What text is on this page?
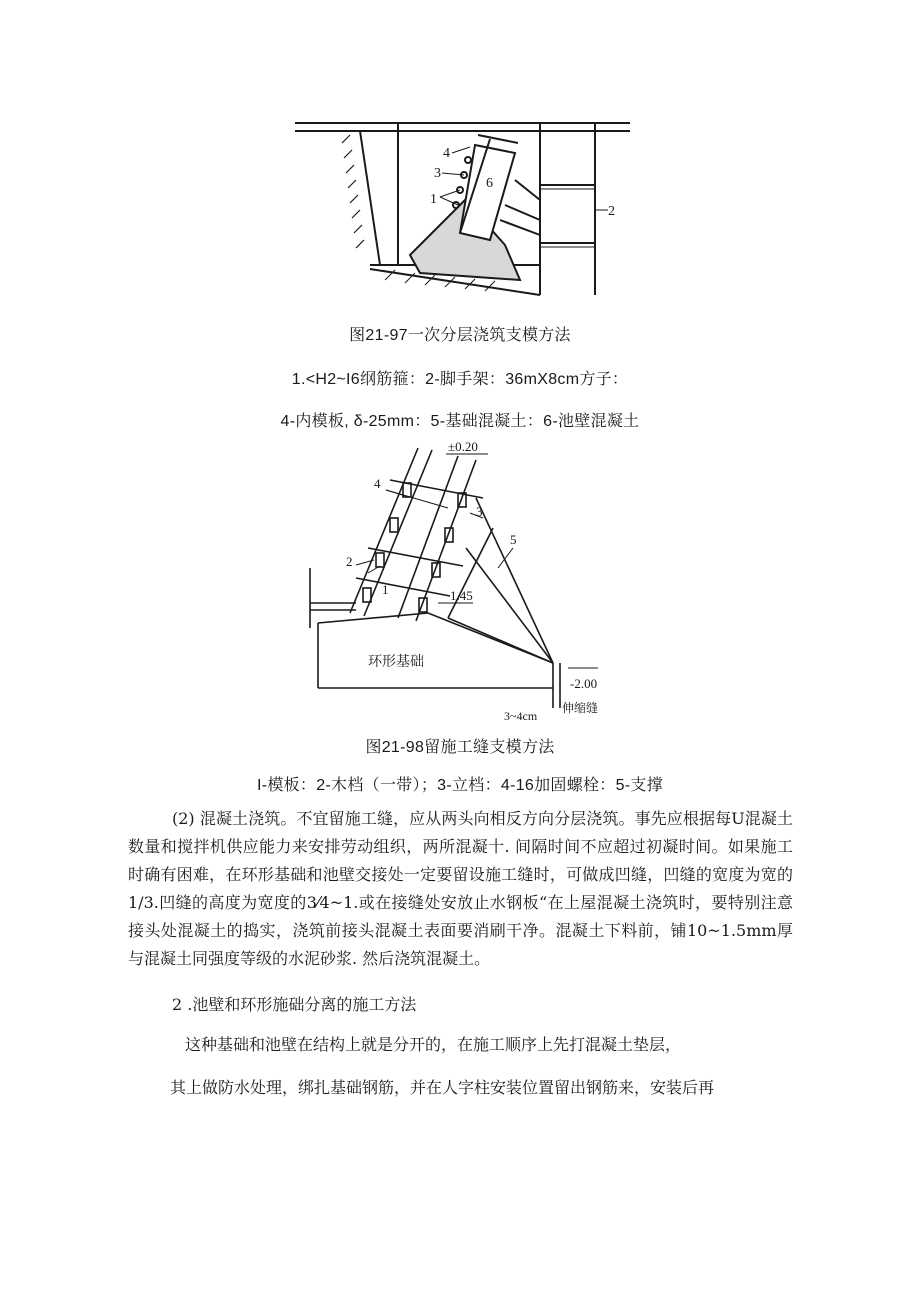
1
2
3
4
6
图21-97一次分层浇筑支模方法
1.<H2~I6纲筋箍：2-脚手架：36mX8cm方子：
4-内模板, δ-25mm：5-基础混凝土：6-池壁混凝土
±0.20
4
3
5
2
1	1.45
环形基础
-2.00
3~4cm
伸缩缝
图21-98留施工缝支模方法
I-模板：2-木档（一带）；3-立档：4-16加固螺栓：5-支撑

(2) 混凝土浇筑。不宜留施工缝，应从两头向相反方向分层浇筑。事先应根据每U混凝土数量和搅拌机供应能力来安排劳动组织，两所混凝十. 间隔时间不应超过初凝时间。如果施工时确有困难，在环形基础和池壁交接处一定要留设施工缝时，可做成凹缝，凹缝的宽度为宽的1/3.凹缝的高度为宽度的3⁄4~1.或在接缝处安放止水钢板“在上屋混凝土浇筑时，要特别注意接头处混凝土的捣实，浇筑前接头混凝土表面要消刷干净。混凝土下料前，铺10~1.5mm厚与混凝土同强度等级的水泥砂浆. 然后浇筑混凝土。

2 .池壁和环形施础分离的施工方法
这种基础和池壁在结构上就是分开的，在施工顺序上先打混凝土垫层，
其上做防水处理，绑扎基础钢筋，并在人字柱安装位置留出钢筋来，安装后再
